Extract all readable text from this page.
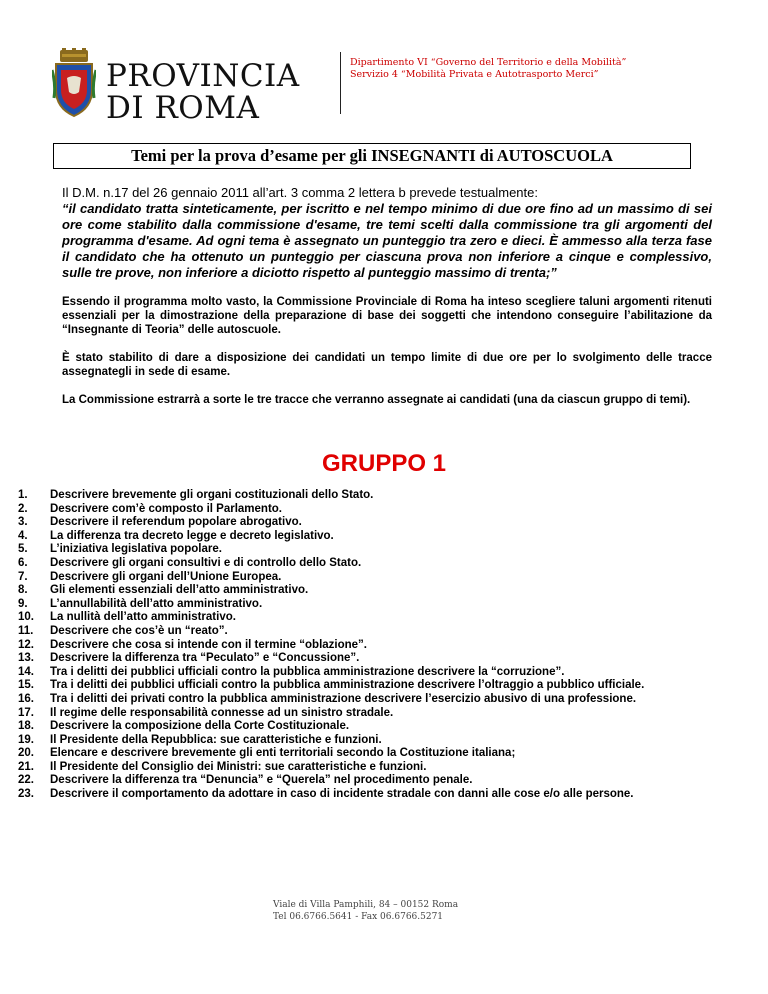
PROVINCIA
DI ROMA
Dipartimento VI “Governo del Territorio e della Mobilità”
Servizio 4 “Mobilità Privata e Autotrasporto Merci”
Temi per la prova d’esame per gli INSEGNANTI di AUTOSCUOLA

Il D.M. n.17 del 26 gennaio 2011 all’art. 3 comma 2 lettera b prevede testualmente:

“il candidato tratta sinteticamente, per iscritto e nel tempo minimo di due ore fino ad un massimo di sei ore come stabilito dalla commissione d'esame, tre temi scelti dalla commissione tra gli argomenti del programma d'esame. Ad ogni tema è assegnato un punteggio tra zero e dieci. È ammesso alla terza fase il candidato che ha ottenuto un punteggio per ciascuna prova non inferiore a cinque e complessivo, sulle tre prove, non inferiore a diciotto rispetto al punteggio massimo di trenta;”

Essendo il programma molto vasto, la Commissione Provinciale di Roma ha inteso scegliere taluni argomenti ritenuti essenziali per la dimostrazione della preparazione di base dei soggetti che intendono conseguire l’abilitazione da “Insegnante di Teoria” delle autoscuole.

È stato stabilito di dare a disposizione dei candidati un tempo limite di due ore per lo svolgimento delle tracce assegnategli in sede di esame.

La Commissione estrarrà a sorte le tre tracce che verranno assegnate ai candidati (una da ciascun gruppo di temi).

GRUPPO 1
1.	Descrivere brevemente gli organi costituzionali dello Stato.
2.	Descrivere com’è composto il Parlamento.
3.	Descrivere il referendum popolare abrogativo.
4.	La differenza tra decreto legge e decreto legislativo.
5.	L’iniziativa legislativa popolare.
6.	Descrivere gli organi consultivi e di controllo dello Stato.
7.	Descrivere gli organi dell’Unione Europea.
8.	Gli elementi essenziali dell’atto amministrativo.
9.	L’annullabilità dell’atto amministrativo.
10.	La nullità dell’atto amministrativo.
11.	Descrivere che cos’è un “reato”.
12.	Descrivere che cosa si intende con il termine “oblazione”.
13.	Descrivere la differenza tra “Peculato” e “Concussione”.
14.	Tra i delitti dei pubblici ufficiali contro la pubblica amministrazione descrivere la “corruzione”.
15.	Tra i delitti dei pubblici ufficiali contro la pubblica amministrazione descrivere l’oltraggio a pubblico ufficiale.
16.	Tra i delitti dei privati contro la pubblica amministrazione descrivere l’esercizio abusivo di una professione.
17.	Il regime delle responsabilità connesse ad un sinistro stradale.
18.	Descrivere la composizione della Corte Costituzionale.
19.	Il Presidente della Repubblica: sue caratteristiche e funzioni.
20.	Elencare e descrivere brevemente gli enti territoriali secondo la Costituzione italiana;
21.	Il Presidente del Consiglio dei Ministri: sue caratteristiche e funzioni.
22.	Descrivere la differenza tra “Denuncia” e “Querela” nel procedimento penale.
23.	Descrivere il comportamento da adottare in caso di incidente stradale con danni alle cose e/o alle persone.
Viale di Villa Pamphili, 84 – 00152 Roma
Tel 06.6766.5641 - Fax 06.6766.5271
